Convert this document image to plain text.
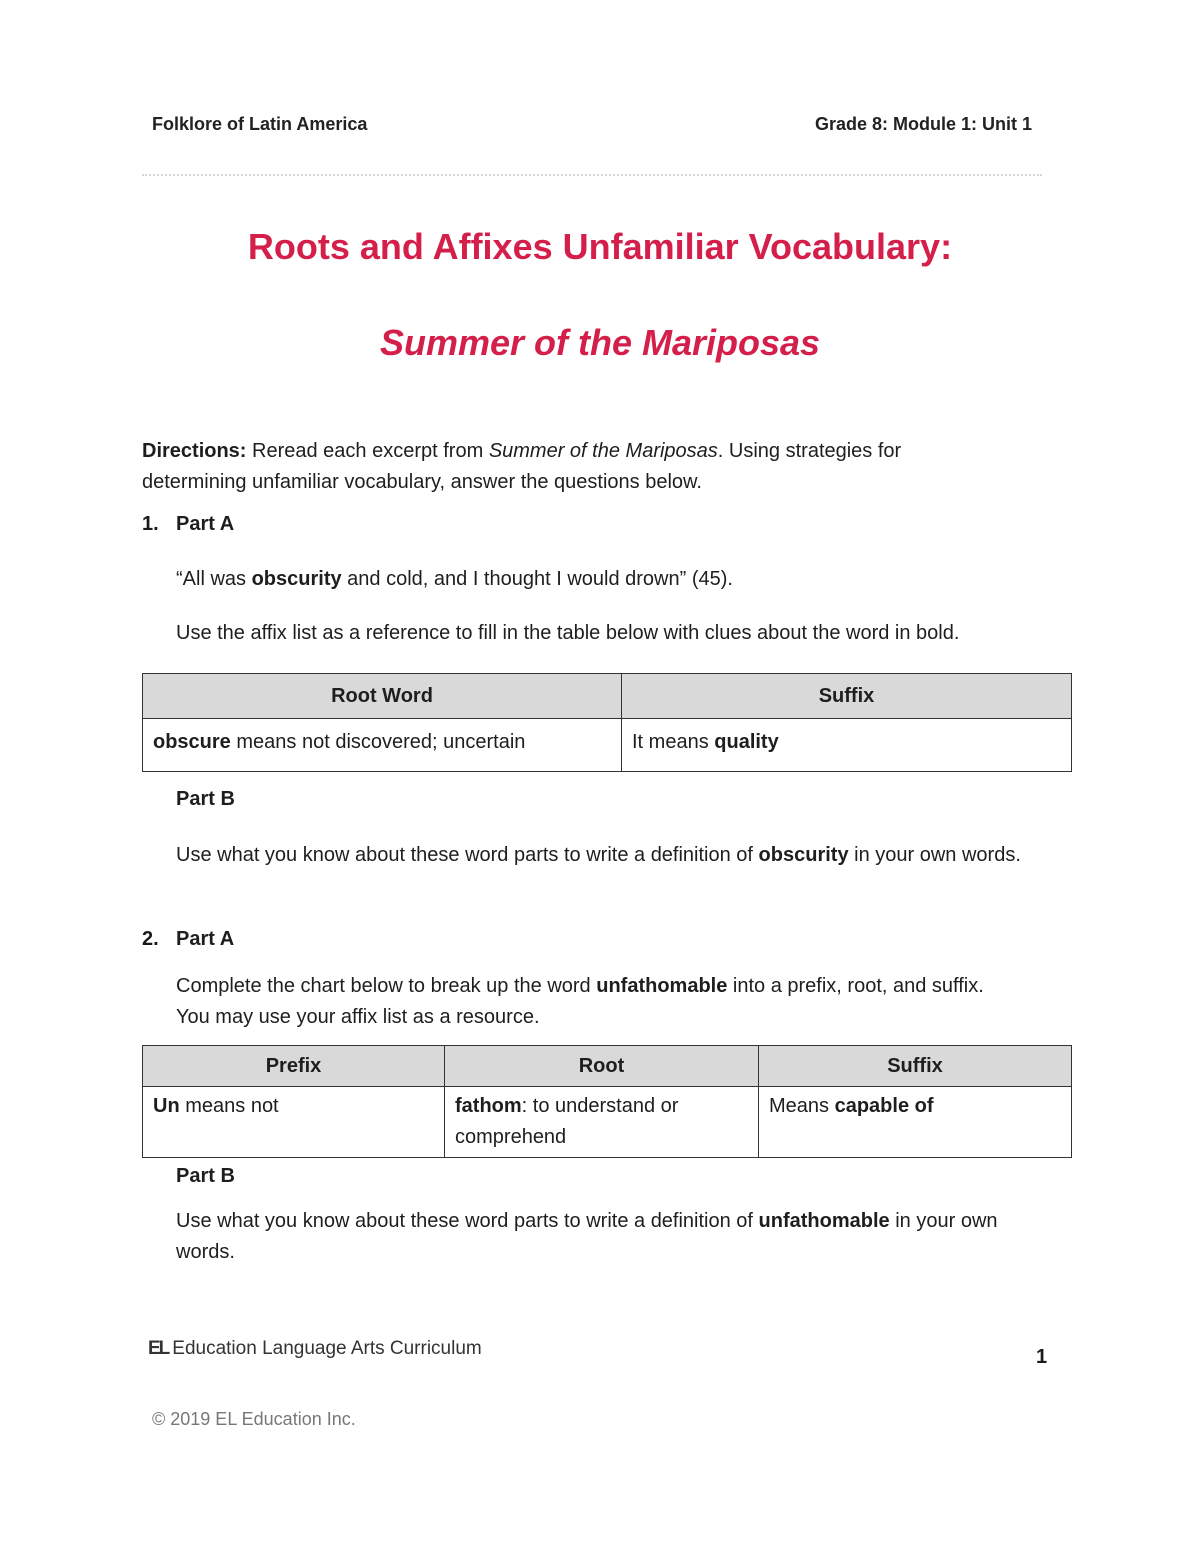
Folklore of Latin America	Grade 8: Module 1: Unit 1
Roots and Affixes Unfamiliar Vocabulary:
Summer of the Mariposas
Directions: Reread each excerpt from Summer of the Mariposas. Using strategies for determining unfamiliar vocabulary, answer the questions below.
1. Part A
“All was obscurity and cold, and I thought I would drown” (45).
Use the affix list as a reference to fill in the table below with clues about the word in bold.
Root Word	Suffix
obscure means not discovered; uncertain	It means quality
Part B
Use what you know about these word parts to write a definition of obscurity in your own words.
2. Part A
Complete the chart below to break up the word unfathomable into a prefix, root, and suffix. You may use your affix list as a resource.
Prefix	Root	Suffix
Un means not	fathom: to understand or comprehend	Means capable of
Part B
Use what you know about these word parts to write a definition of unfathomable in your own words.
EL Education Language Arts Curriculum	1
© 2019 EL Education Inc.
